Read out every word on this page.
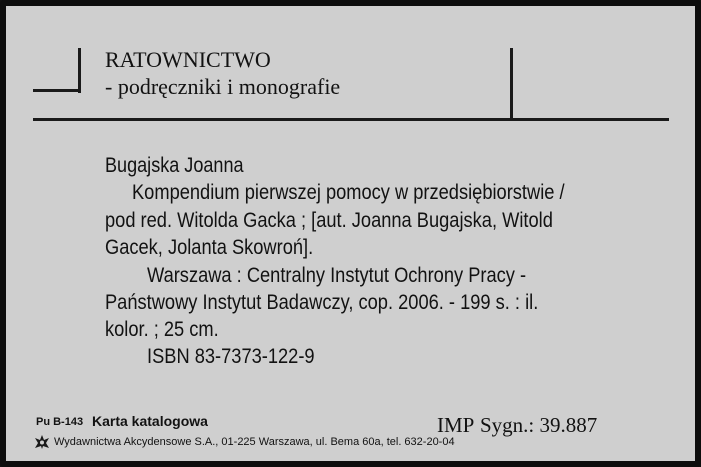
RATOWNICTWO
- podręczniki i monografie
Bugajska Joanna
Kompendium pierwszej pomocy w przedsiębiorstwie /
pod red. Witolda Gacka ; [aut. Joanna Bugajska, Witold
Gacek, Jolanta Skowroń].
Warszawa : Centralny Instytut Ochrony Pracy -
Państwowy Instytut Badawczy, cop. 2006. - 199 s. : il.
kolor. ; 25 cm.
ISBN 83-7373-122-9
Pu B-143 Karta katalogowa	IMP Sygn.: 39.887
Wydawnictwa Akcydensowe S.A., 01-225 Warszawa, ul. Bema 60a, tel. 632-20-04
